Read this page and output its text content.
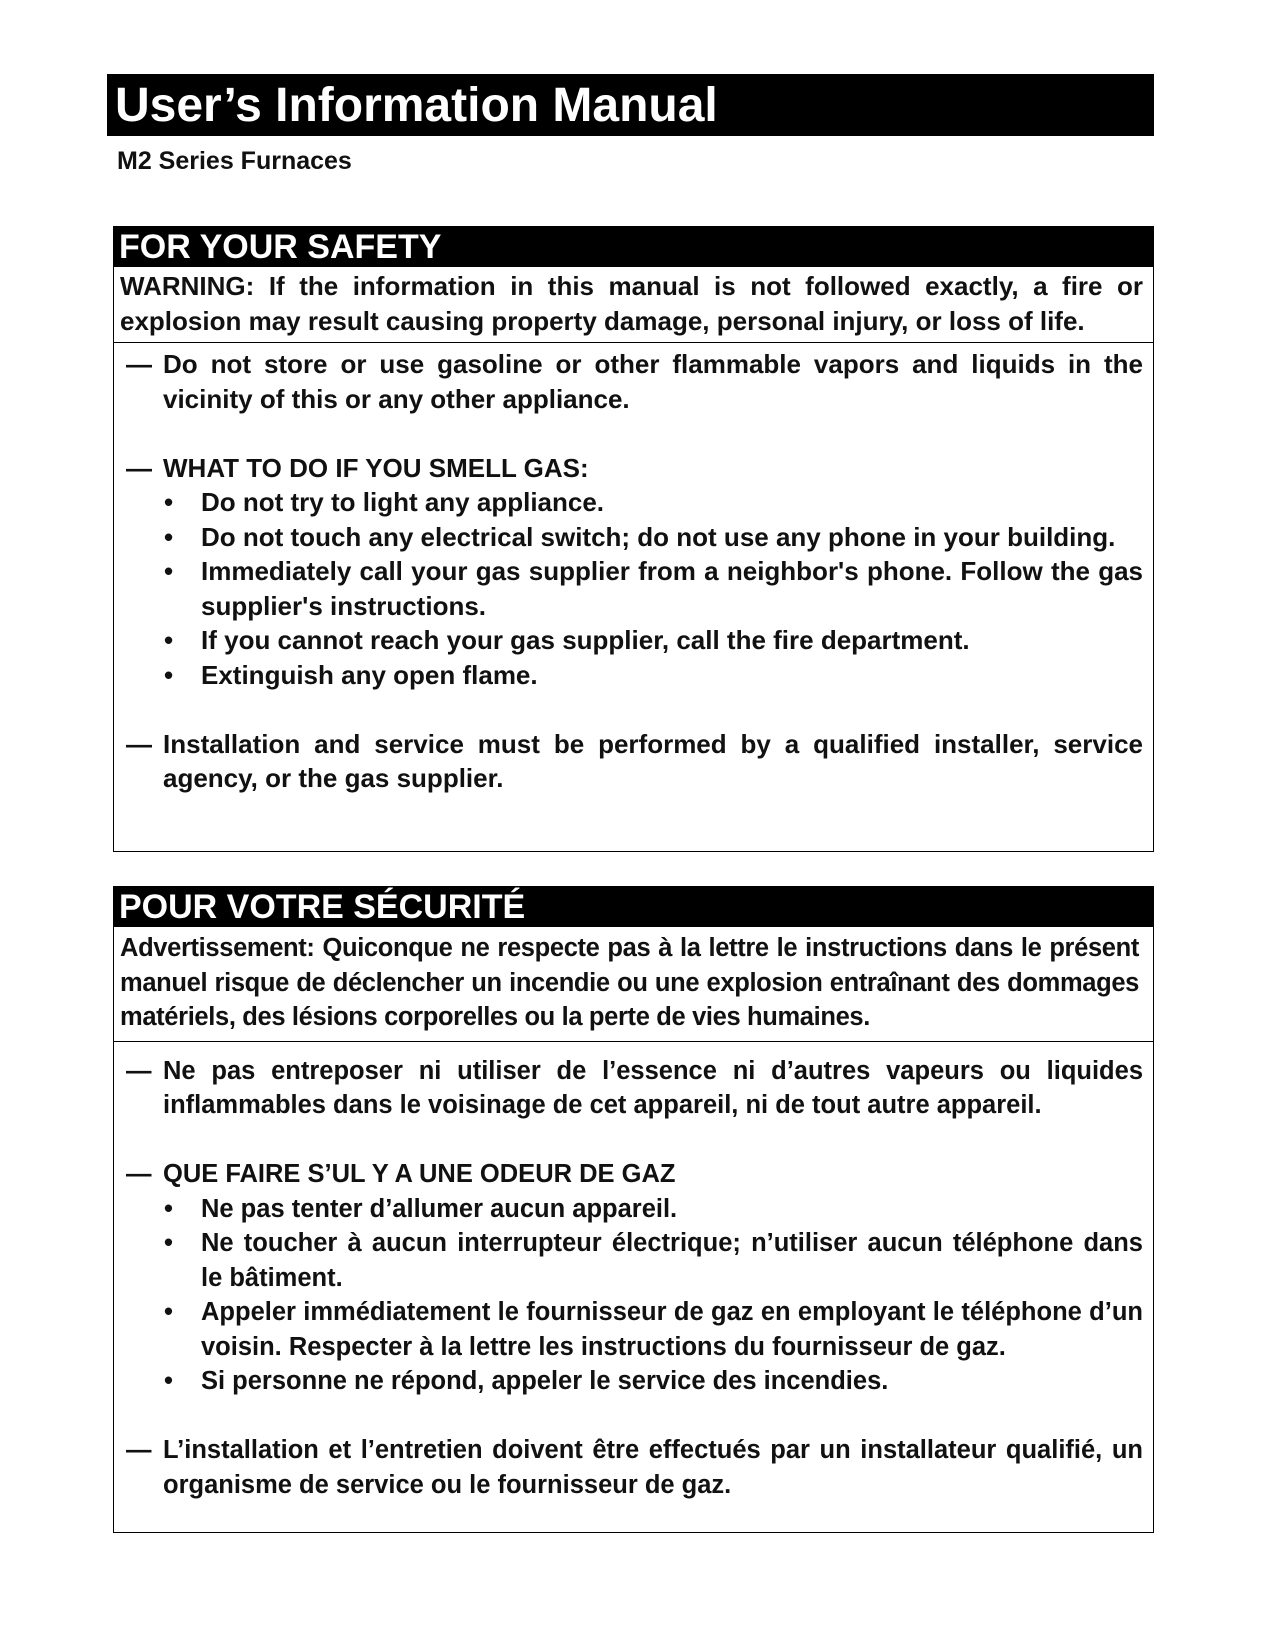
User’s Information Manual
M2 Series Furnaces
FOR YOUR SAFETY
WARNING: If the information in this manual is not followed exactly, a fire or explosion may result causing property damage, personal injury, or loss of life.
— Do not store or use gasoline or other flammable vapors and liquids in the vicinity of this or any other appliance.
— WHAT TO DO IF YOU SMELL GAS:
•	Do not try to light any appliance.
•	Do not touch any electrical switch; do not use any phone in your building.
•	Immediately call your gas supplier from a neighbor's phone. Follow the gas supplier's instructions.
•	If you cannot reach your gas supplier, call the fire department.
•	Extinguish any open flame.
— Installation and service must be performed by a qualified installer, service agency, or the gas supplier.
POUR VOTRE SÉCURITÉ
Advertissement: Quiconque ne respecte pas à la lettre le instructions dans le présent manuel risque de déclencher un incendie ou une explosion entraînant des dommages matériels, des lésions corporelles ou la perte de vies humaines.
— Ne pas entreposer ni utiliser de l’essence ni d’autres vapeurs ou liquides inflammables dans le voisinage de cet appareil, ni de tout autre appareil.
— QUE FAIRE S’UL Y A UNE ODEUR DE GAZ
•	Ne pas tenter d’allumer aucun appareil.
•	Ne toucher à aucun interrupteur électrique; n’utiliser aucun téléphone dans le bâtiment.
•	Appeler immédiatement le fournisseur de gaz en employant le téléphone d’un voisin. Respecter à la lettre les instructions du fournisseur de gaz.
•	Si personne ne répond, appeler le service des incendies.
— L’installation et l’entretien doivent être effectués par un installateur qualifié, un organisme de service ou le fournisseur de gaz.
